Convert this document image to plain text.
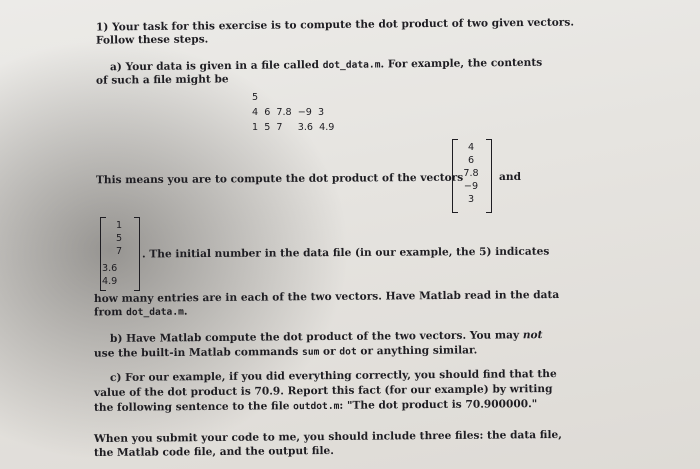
1) Your task for this exercise is to compute the dot product of two given vectors.
Follow these steps.
a) Your data is given in a file called dot_data.m. For example, the contents
of such a file might be
5
4  6  7.8  −9  3
1  5  7     3.6  4.9
4
6
7.8
−9
3
This means you are to compute the dot product of the vectors	and
1
5
7
3.6
4.9
. The initial number in the data file (in our example, the 5) indicates
how many entries are in each of the two vectors. Have Matlab read in the data
from dot_data.m.
b) Have Matlab compute the dot product of the two vectors. You may not
use the built-in Matlab commands sum or dot or anything similar.
c) For our example, if you did everything correctly, you should find that the
value of the dot product is 70.9. Report this fact (for our example) by writing
the following sentence to the file outdot.m: "The dot product is 70.900000."
When you submit your code to me, you should include three files: the data file,
the Matlab code file, and the output file.
